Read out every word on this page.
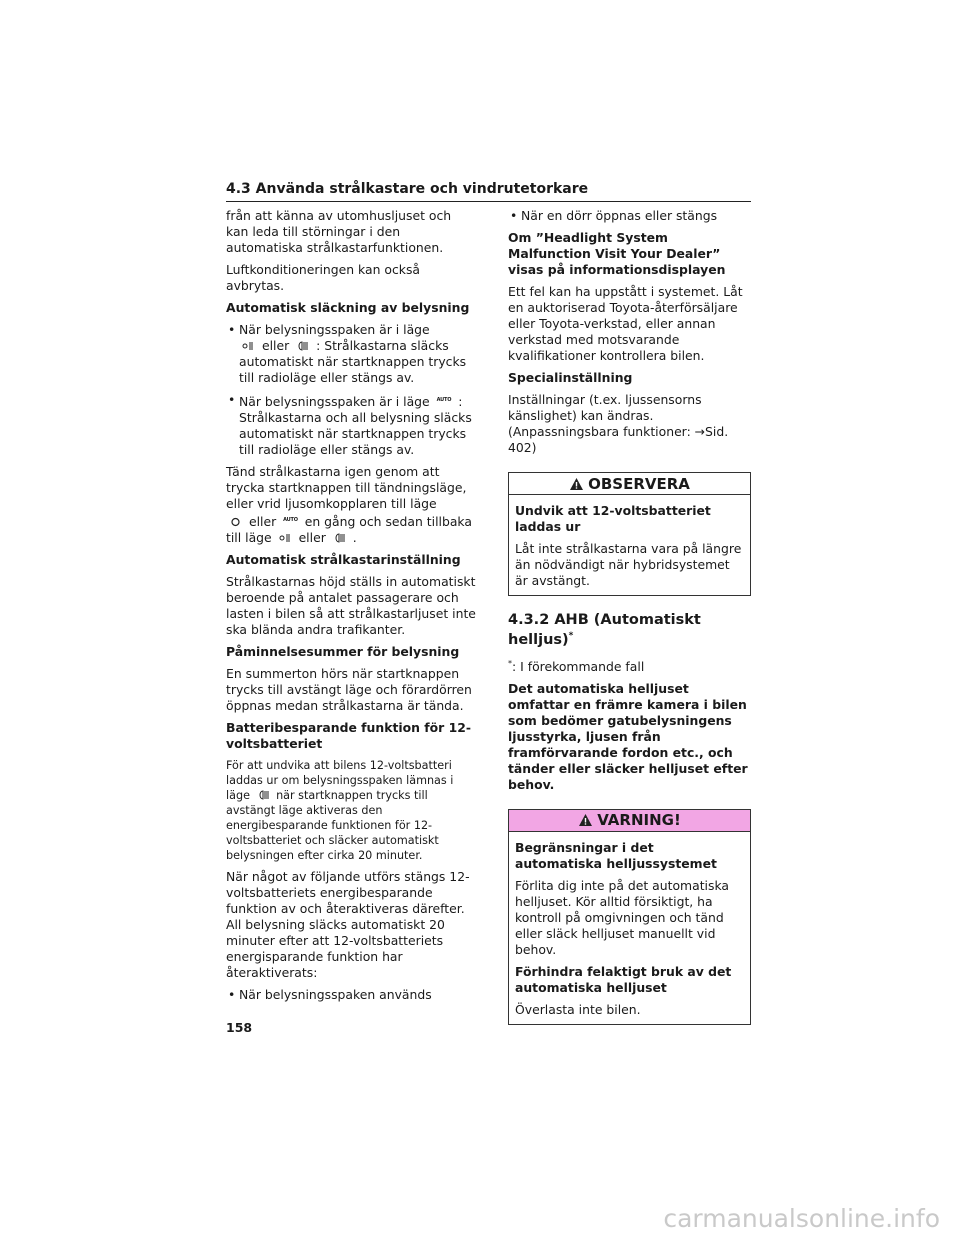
4.3 Använda strålkastare och vindrutetorkare

från att känna av utomhusljuset och kan leda till störningar i den automatiska strålkastarfunktionen.

Luftkonditioneringen kan också avbrytas.

Automatisk släckning av belysning

• När belysningsspaken är i läge

eller : Strålkastarna släcks automatiskt när startknappen trycks till radioläge eller stängs av.
• När belysningsspaken är i läge AUTO : Strålkastarna och all belysning släcks automatiskt när startknappen trycks till radioläge eller stängs av.

Tänd strålkastarna igen genom att trycka startknappen till tändningsläge, eller vrid ljusomkopplaren till läge

eller AUTO en gång och sedan tillbaka till läge eller .

Automatisk strålkastarinställning

Strålkastarnas höjd ställs in automatiskt beroende på antalet passagerare och lasten i bilen så att strålkastarljuset inte ska blända andra trafikanter.

Påminnelsesummer för belysning

En summerton hörs när startknappen trycks till avstängt läge och förardörren öppnas medan strålkastarna är tända.

Batteribesparande funktion för 12-voltsbatteriet

För att undvika att bilens 12-voltsbatteri laddas ur om belysningsspaken lämnas i läge när startknappen trycks till avstängt läge aktiveras den energibesparande funktionen för 12-voltsbatteriet och släcker automatiskt belysningen efter cirka 20 minuter.

När något av följande utförs stängs 12-voltsbatteriets energibesparande funktion av och återaktiveras därefter. All belysning släcks automatiskt 20 minuter efter att 12-voltsbatteriets energisparande funktion har återaktiverats:

• När belysningsspaken används
• När en dörr öppnas eller stängs

Om ”Headlight System Malfunction Visit Your Dealer” visas på informationsdisplayen

Ett fel kan ha uppstått i systemet. Låt en auktoriserad Toyota-återförsäljare eller Toyota-verkstad, eller annan verkstad med motsvarande kvalifikationer kontrollera bilen.

Specialinställning

Inställningar (t.ex. ljussensorns känslighet) kan ändras. (Anpassningsbara funktioner: →Sid. 402)

OBSERVERA

Undvik att 12-voltsbatteriet laddas ur

Låt inte strålkastarna vara på längre än nödvändigt när hybridsystemet är avstängt.

4.3.2 AHB (Automatiskt helljus)*

*: I förekommande fall

Det automatiska helljuset omfattar en främre kamera i bilen som bedömer gatubelysningens ljusstyrka, ljusen från framförvarande fordon etc., och tänder eller släcker helljuset efter behov.

VARNING!

Begränsningar i det automatiska helljussystemet

Förlita dig inte på det automatiska helljuset. Kör alltid försiktigt, ha kontroll på omgivningen och tänd eller släck helljuset manuellt vid behov.

Förhindra felaktigt bruk av det automatiska helljuset

Överlasta inte bilen.

158
carmanualsonline.info
